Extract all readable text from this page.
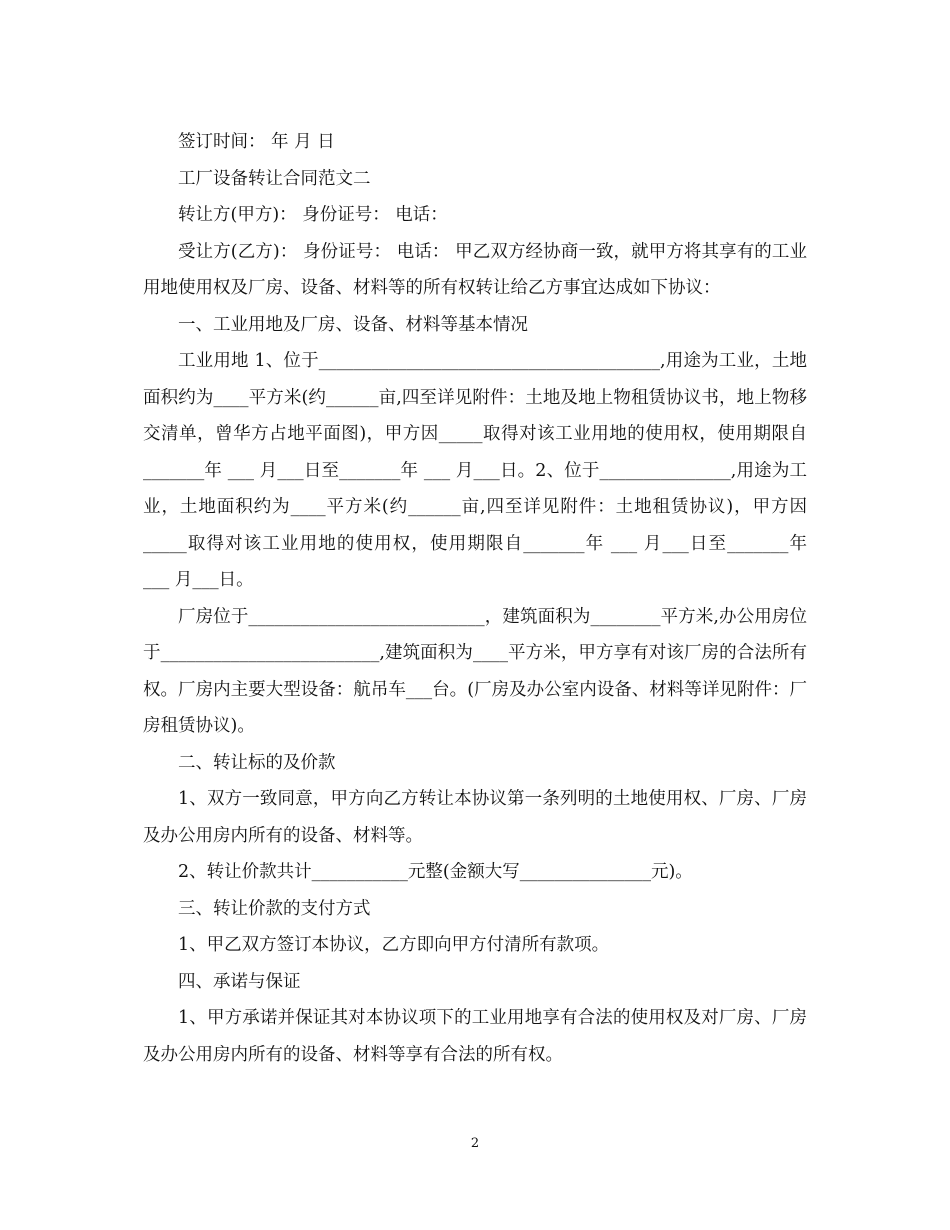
签订时间： 年 月 日

工厂设备转让合同范文二

转让方(甲方)： 身份证号： 电话：

受让方(乙方)： 身份证号： 电话： 甲乙双方经协商一致，就甲方将其享有的工业用地使用权及厂房、设备、材料等的所有权转让给乙方事宜达成如下协议：

一、工业用地及厂房、设备、材料等基本情况

工业用地 1、位于_______________________________________,用途为工业，土地面积约为____平方米(约______亩,四至详见附件：土地及地上物租赁协议书，地上物移交清单，曾华方占地平面图)，甲方因_____取得对该工业用地的使用权，使用期限自_______年 ___ 月___日至_______年 ___ 月___日。2、位于_______________,用途为工业，土地面积约为____平方米(约______亩,四至详见附件：土地租赁协议)，甲方因_____取得对该工业用地的使用权，使用期限自_______年 ___ 月___日至_______年 ___ 月___日。

厂房位于___________________________，建筑面积为________平方米,办公用房位于_________________________,建筑面积为____平方米，甲方享有对该厂房的合法所有权。厂房内主要大型设备：航吊车___台。(厂房及办公室内设备、材料等详见附件：厂房租赁协议)。

二、转让标的及价款

1、双方一致同意，甲方向乙方转让本协议第一条列明的土地使用权、厂房、厂房及办公用房内所有的设备、材料等。

2、转让价款共计___________元整(金额大写_______________元)。

三、转让价款的支付方式

1、甲乙双方签订本协议，乙方即向甲方付清所有款项。

四、承诺与保证

1、甲方承诺并保证其对本协议项下的工业用地享有合法的使用权及对厂房、厂房及办公用房内所有的设备、材料等享有合法的所有权。

2
